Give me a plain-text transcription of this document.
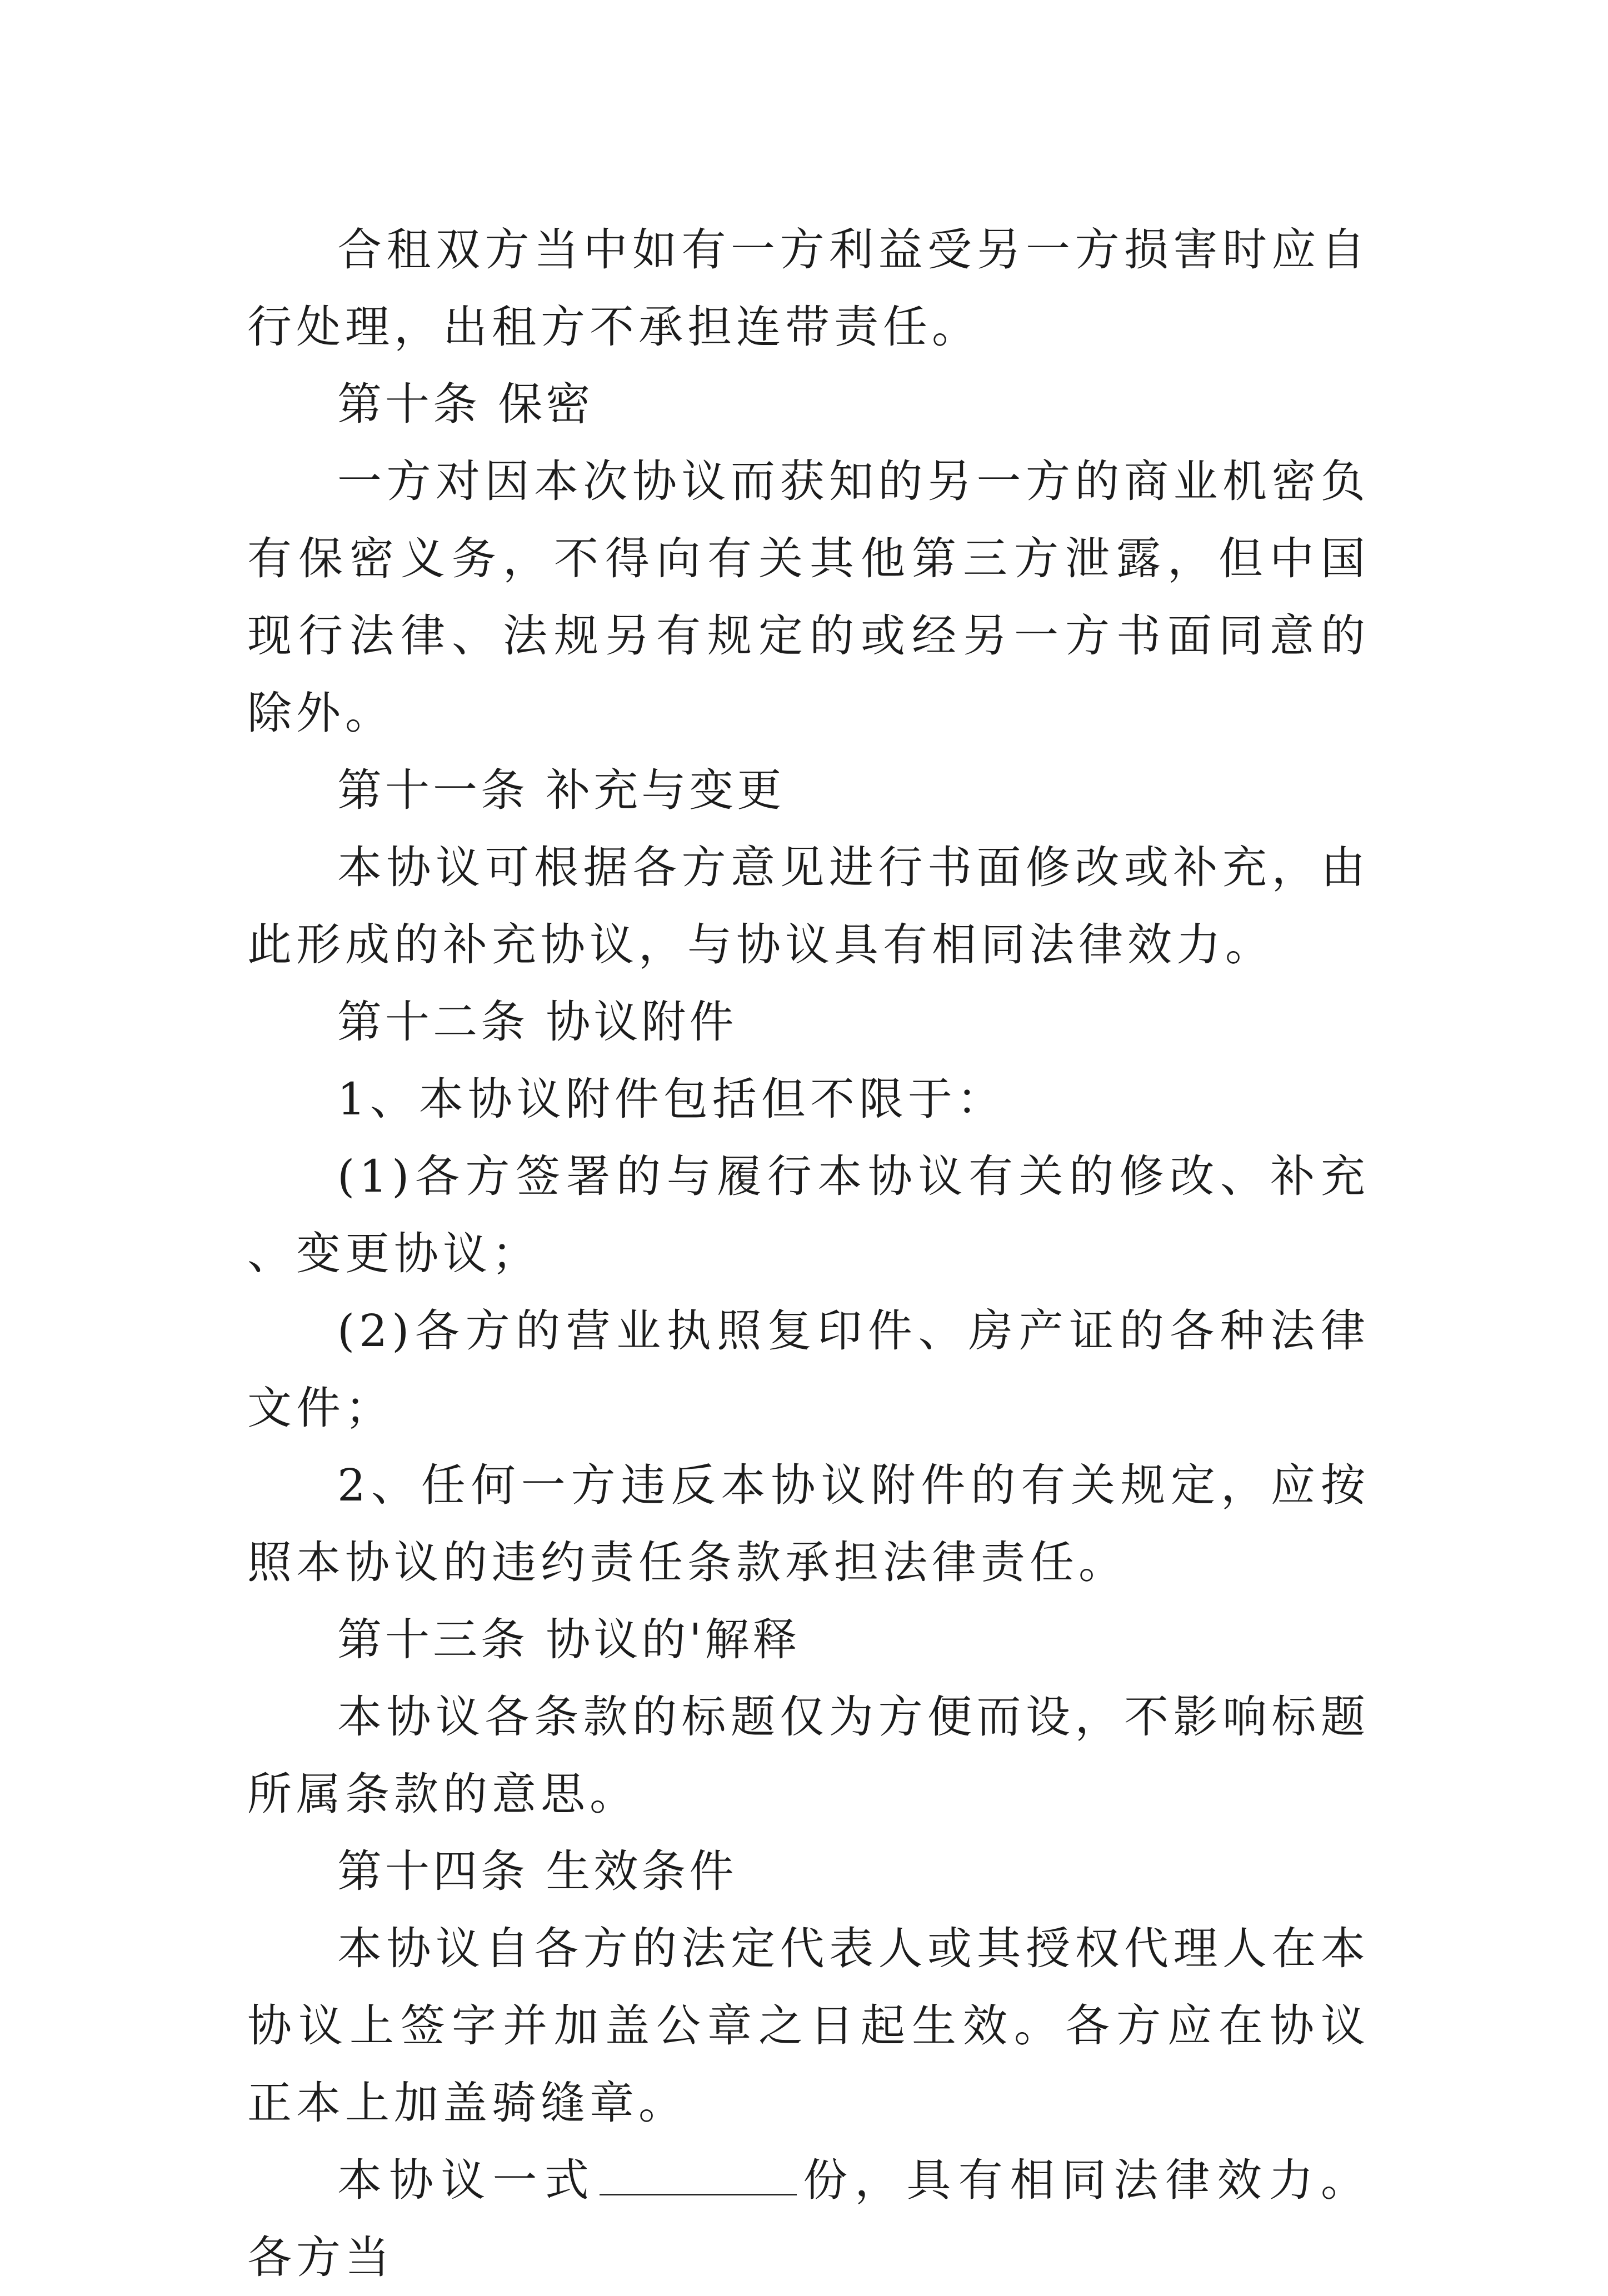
合租双方当中如有一方利益受另一方损害时应自行处理，出租方不承担连带责任。

第十条 保密

一方对因本次协议而获知的另一方的商业机密负有保密义务，不得向有关其他第三方泄露，但中国现行法律、法规另有规定的或经另一方书面同意的除外。

第十一条 补充与变更

本协议可根据各方意见进行书面修改或补充，由此形成的补充协议，与协议具有相同法律效力。

第十二条 协议附件

1、本协议附件包括但不限于：

(1)各方签署的与履行本协议有关的修改、补充、变更协议；

(2)各方的营业执照复印件、房产证的各种法律文件；

2、任何一方违反本协议附件的有关规定，应按照本协议的违约责任条款承担法律责任。

第十三条 协议的'解释

本协议各条款的标题仅为方便而设，不影响标题所属条款的意思。

第十四条 生效条件

本协议自各方的法定代表人或其授权代理人在本协议上签字并加盖公章之日起生效。各方应在协议正本上加盖骑缝章。

本协议一式	份，具有相同法律效力。各方当
